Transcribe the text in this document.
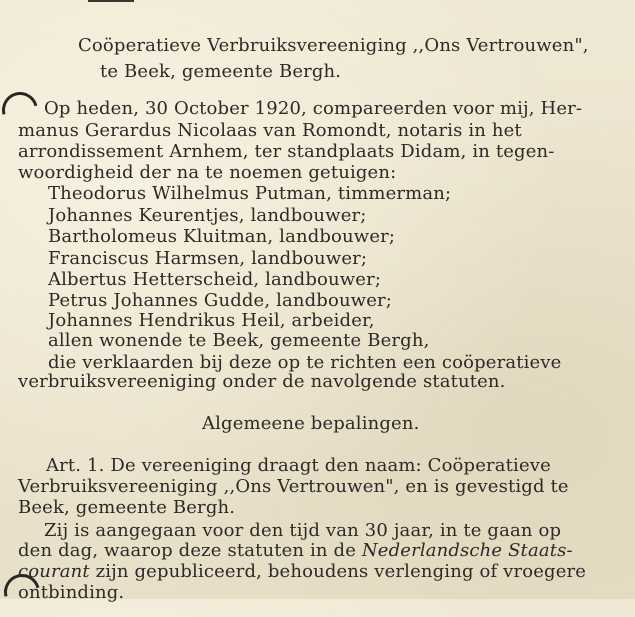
Coöperatieve Verbruiksvereeniging ,,Ons Vertrouwen",
te Beek, gemeente Bergh.
Op heden, 30 October 1920, compareerden voor mij, Her-
manus Gerardus Nicolaas van Romondt, notaris in het
arrondissement Arnhem, ter standplaats Didam, in tegen-
woordigheid der na te noemen getuigen:
Theodorus Wilhelmus Putman, timmerman;
Johannes Keurentjes, landbouwer;
Bartholomeus Kluitman, landbouwer;
Franciscus Harmsen, landbouwer;
Albertus Hetterscheid, landbouwer;
Petrus Johannes Gudde, landbouwer;
Johannes Hendrikus Heil, arbeider,
allen wonende te Beek, gemeente Bergh,
die verklaarden bij deze op te richten een coöperatieve
verbruiksvereeniging onder de navolgende statuten.
Algemeene bepalingen.
Art. 1. De vereeniging draagt den naam: Coöperatieve
Verbruiksvereeniging ,,Ons Vertrouwen", en is gevestigd te
Beek, gemeente Bergh.
Zij is aangegaan voor den tijd van 30 jaar, in te gaan op
den dag, waarop deze statuten in de Nederlandsche Staats-
courant zijn gepubliceerd, behoudens verlenging of vroegere
ontbinding.
